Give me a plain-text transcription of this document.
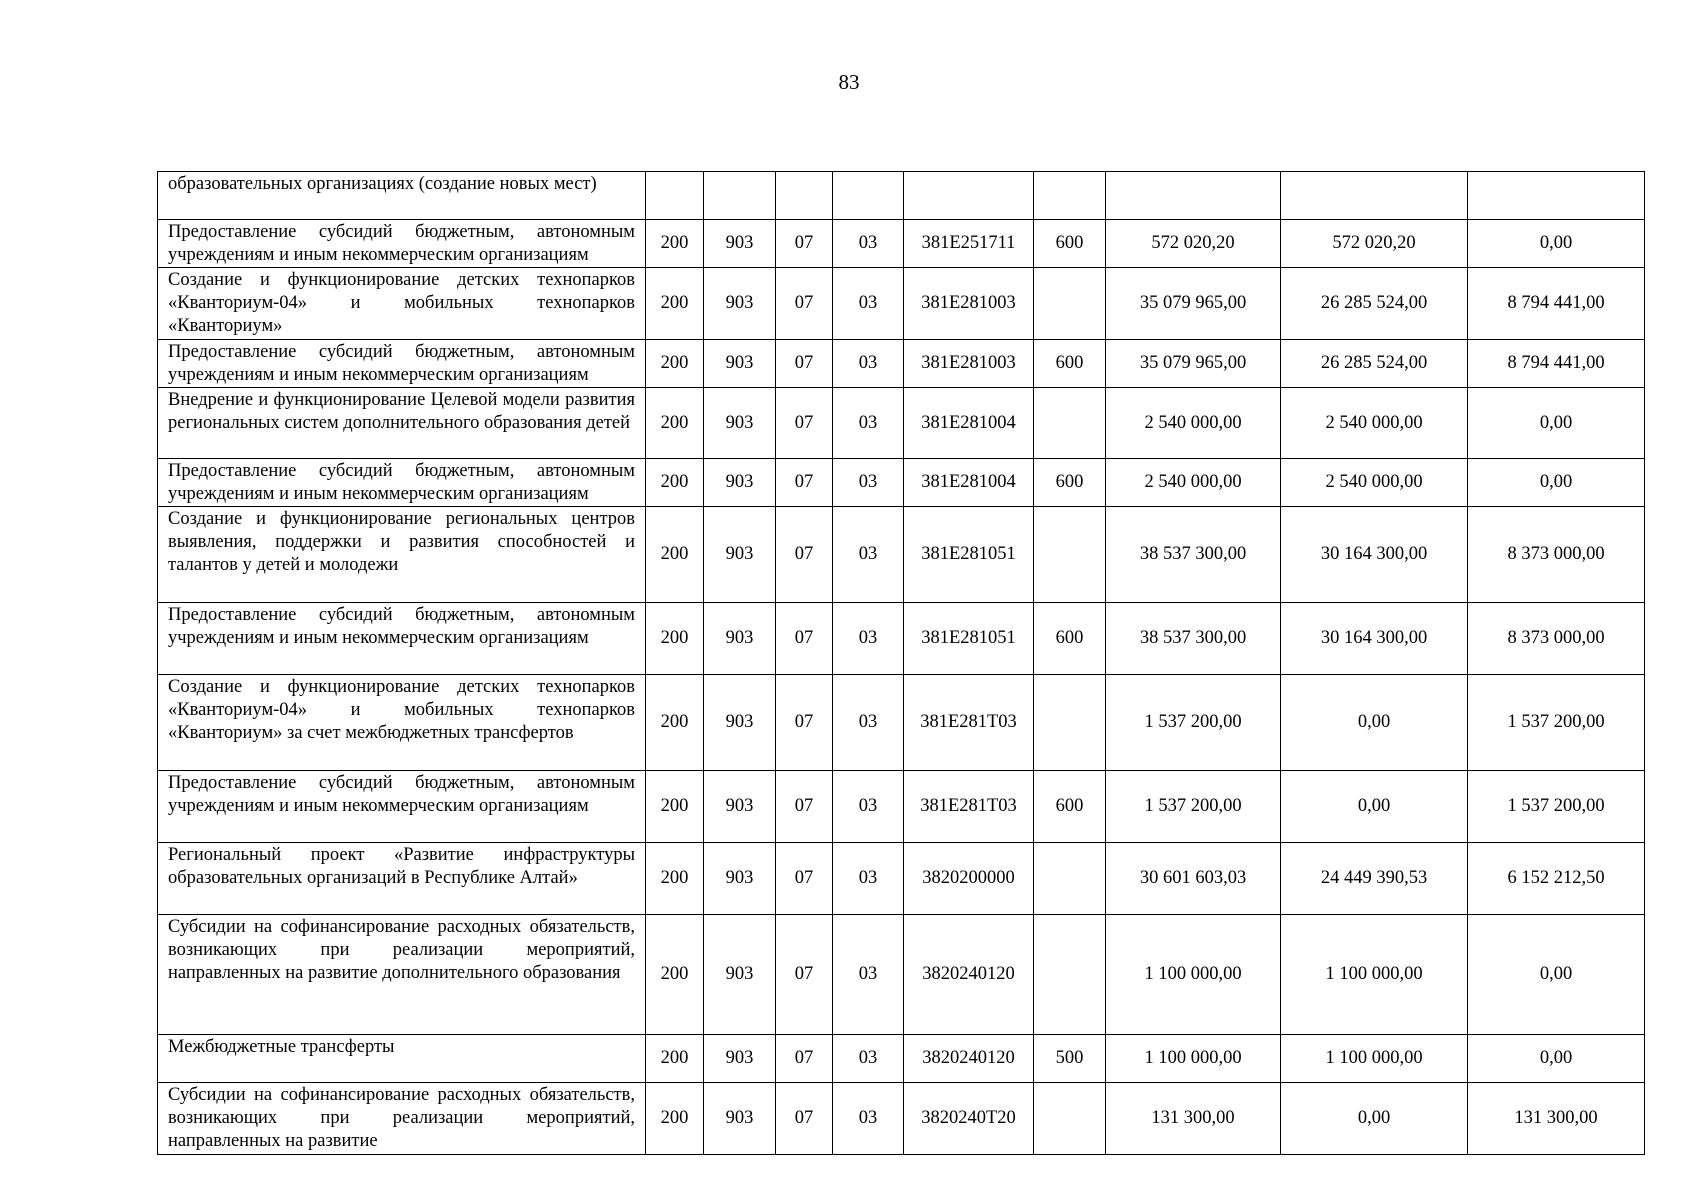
83
образовательных организациях (создание новых мест)									
Предоставление субсидий бюджетным, автономным учреждениям и иным некоммерческим организациям	200	903	07	03	381E251711	600	572 020,20	572 020,20	0,00
Создание и функционирование детских технопарков «Кванториум-04» и мобильных технопарков «Кванториум»	200	903	07	03	381E281003		35 079 965,00	26 285 524,00	8 794 441,00
Предоставление субсидий бюджетным, автономным учреждениям и иным некоммерческим организациям	200	903	07	03	381E281003	600	35 079 965,00	26 285 524,00	8 794 441,00
Внедрение и функционирование Целевой модели развития региональных систем дополнительного образования детей	200	903	07	03	381E281004		2 540 000,00	2 540 000,00	0,00
Предоставление субсидий бюджетным, автономным учреждениям и иным некоммерческим организациям	200	903	07	03	381E281004	600	2 540 000,00	2 540 000,00	0,00
Создание и функционирование региональных центров выявления, поддержки и развития способностей и талантов у детей и молодежи	200	903	07	03	381E281051		38 537 300,00	30 164 300,00	8 373 000,00
Предоставление субсидий бюджетным, автономным учреждениям и иным некоммерческим организациям	200	903	07	03	381E281051	600	38 537 300,00	30 164 300,00	8 373 000,00
Создание и функционирование детских технопарков «Кванториум-04» и мобильных технопарков «Кванториум» за счет межбюджетных трансфертов	200	903	07	03	381E281T03		1 537 200,00	0,00	1 537 200,00
Предоставление субсидий бюджетным, автономным учреждениям и иным некоммерческим организациям	200	903	07	03	381E281T03	600	1 537 200,00	0,00	1 537 200,00
Региональный проект «Развитие инфраструктуры образовательных организаций в Республике Алтай»	200	903	07	03	3820200000		30 601 603,03	24 449 390,53	6 152 212,50
Субсидии на софинансирование расходных обязательств, возникающих при реализации мероприятий, направленных на развитие дополнительного образования	200	903	07	03	3820240120		1 100 000,00	1 100 000,00	0,00
Межбюджетные трансферты	200	903	07	03	3820240120	500	1 100 000,00	1 100 000,00	0,00
Субсидии на софинансирование расходных обязательств, возникающих при реализации мероприятий, направленных на развитие	200	903	07	03	3820240T20		131 300,00	0,00	131 300,00
